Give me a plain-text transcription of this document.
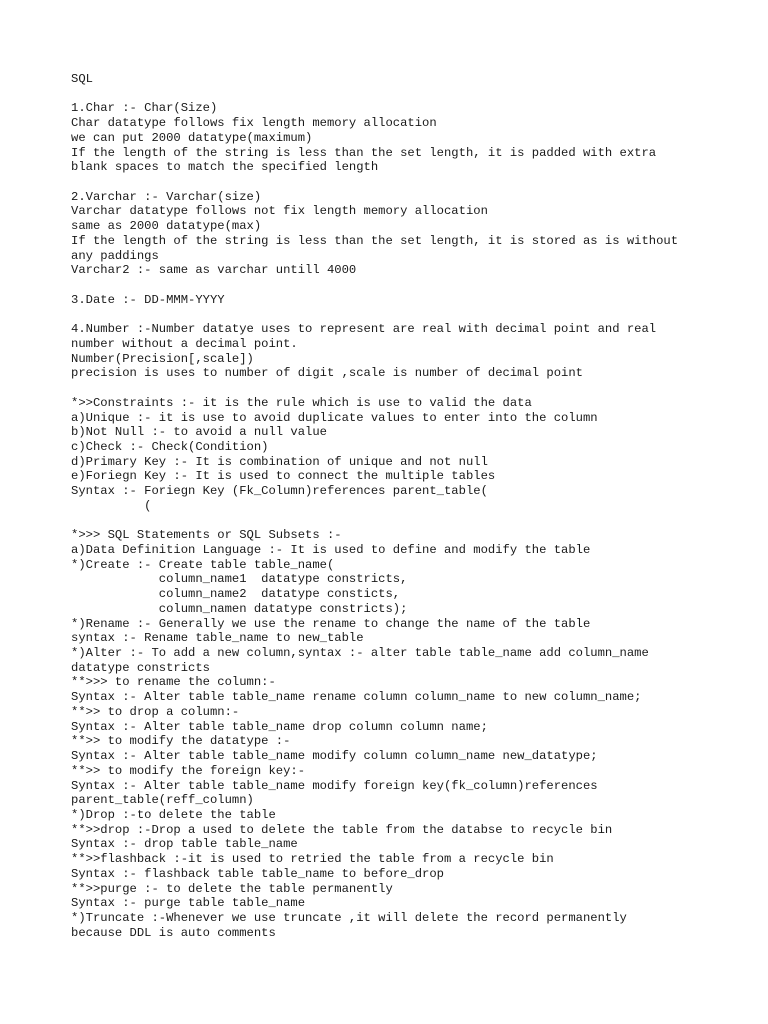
SQL
1.Char :- Char(Size)
Char datatype follows fix length memory allocation
we can put 2000 datatype(maximum)
If the length of the string is less than the set length, it is padded with extra
blank spaces to match the specified length
2.Varchar :- Varchar(size)
Varchar datatype follows not fix length memory allocation
same as 2000 datatype(max)
If the length of the string is less than the set length, it is stored as is without
any paddings
Varchar2 :- same as varchar untill 4000
3.Date :- DD-MMM-YYYY
4.Number :-Number datatye uses to represent are real with decimal point and real
number without a decimal point.
Number(Precision[,scale])
precision is uses to number of digit ,scale is number of decimal point
*>>Constraints :- it is the rule which is use to valid the data
a)Unique :- it is use to avoid duplicate values to enter into the column
b)Not Null :- to avoid a null value
c)Check :- Check(Condition)
d)Primary Key :- It is combination of unique and not null
e)Foriegn Key :- It is used to connect the multiple tables
Syntax :- Foriegn Key (Fk_Column)references parent_table(
(
*>>> SQL Statements or SQL Subsets :-
a)Data Definition Language :- It is used to define and modify the table
*)Create :- Create table table_name(
column_name1  datatype constricts,
column_name2  datatype consticts,
column_namen datatype constricts);
*)Rename :- Generally we use the rename to change the name of the table
syntax :- Rename table_name to new_table
*)Alter :- To add a new column,syntax :- alter table table_name add column_name
datatype constricts
**>>> to rename the column:-
Syntax :- Alter table table_name rename column column_name to new column_name;
**>> to drop a column:-
Syntax :- Alter table table_name drop column column name;
**>> to modify the datatype :-
Syntax :- Alter table table_name modify column column_name new_datatype;
**>> to modify the foreign key:-
Syntax :- Alter table table_name modify foreign key(fk_column)references
parent_table(reff_column)
*)Drop :-to delete the table
**>>drop :-Drop a used to delete the table from the databse to recycle bin
Syntax :- drop table table_name
**>>flashback :-it is used to retried the table from a recycle bin
Syntax :- flashback table table_name to before_drop
**>>purge :- to delete the table permanently
Syntax :- purge table table_name
*)Truncate :-Whenever we use truncate ,it will delete the record permanently
because DDL is auto comments
